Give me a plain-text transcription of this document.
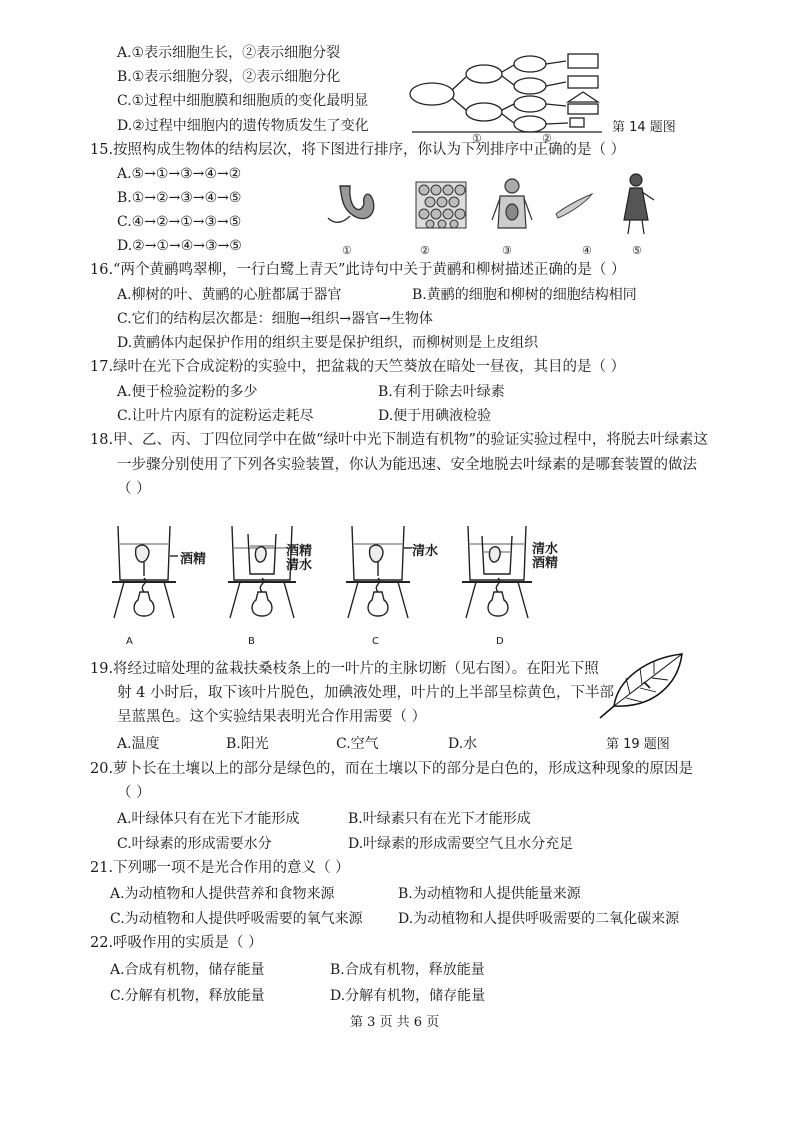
A.①表示细胞生长，②表示细胞分裂
B.①表示细胞分裂，②表示细胞分化
C.①过程中细胞膜和细胞质的变化最明显
D.②过程中细胞内的遗传物质发生了变化
①	②
第 14 题图
15.按照构成生物体的结构层次，将下图进行排序，你认为下列排序中正确的是（ ）
A.⑤→①→③→④→②
B.①→②→③→④→⑤
C.④→②→①→③→⑤
D.②→①→④→③→⑤	①	②	③	④	⑤
16.“两个黄鹂鸣翠柳，一行白鹭上青天”此诗句中关于黄鹂和柳树描述正确的是（ ）
A.柳树的叶、黄鹂的心脏都属于器官	B.黄鹂的细胞和柳树的细胞结构相同
C.它们的结构层次都是：细胞→组织→器官→生物体
D.黄鹂体内起保护作用的组织主要是保护组织，而柳树则是上皮组织
17.绿叶在光下合成淀粉的实验中，把盆栽的天竺葵放在暗处一昼夜，其目的是（ ）
A.便于检验淀粉的多少	B.有利于除去叶绿素
C.让叶片内原有的淀粉运走耗尽	D.便于用碘液检验
18.甲、乙、丙、丁四位同学中在做“绿叶中光下制造有机物”的验证实验过程中，将脱去叶绿素这
一步骤分别使用了下列各实验装置，你认为能迅速、安全地脱去叶绿素的是哪套装置的做法
（ ）
酒精
A
酒精
清水
B
清水
C
清水
酒精
D
19.将经过暗处理的盆栽扶桑枝条上的一叶片的主脉切断（见右图）。在阳光下照
射 4 小时后，取下该叶片脱色，加碘液处理，叶片的上半部呈棕黄色，下半部
呈蓝黑色。这个实验结果表明光合作用需要（ ）
A.温度	B.阳光	C.空气	D.水	第 19 题图
20.萝卜长在土壤以上的部分是绿色的，而在土壤以下的部分是白色的，形成这种现象的原因是
（ ）
A.叶绿体只有在光下才能形成	B.叶绿素只有在光下才能形成
C.叶绿素的形成需要水分	D.叶绿素的形成需要空气且水分充足
21.下列哪一项不是光合作用的意义（ ）
A.为动植物和人提供营养和食物来源	B.为动植物和人提供能量来源
C.为动植物和人提供呼吸需要的氧气来源	D.为动植物和人提供呼吸需要的二氧化碳来源
22.呼吸作用的实质是（ ）
A.合成有机物，储存能量	B.合成有机物，释放能量
C.分解有机物，释放能量	D.分解有机物，储存能量
第 3 页 共 6 页
